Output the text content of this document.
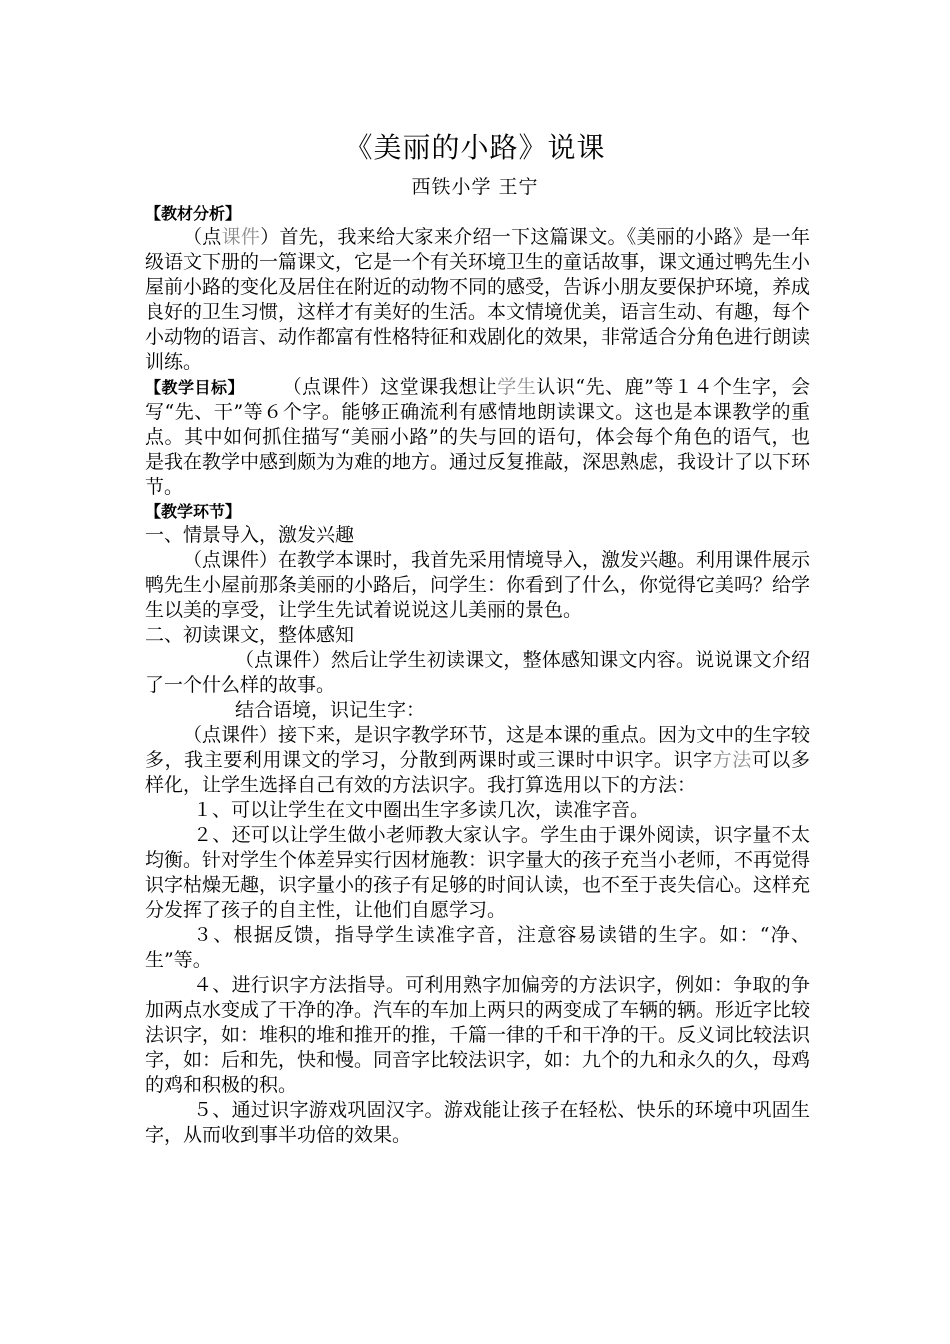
《美丽的小路》说课
西铁小学 王宁
【教材分析】

（点课件）首先，我来给大家来介绍一下这篇课文。《美丽的小路》是一年级语文下册的一篇课文，它是一个有关环境卫生的童话故事，课文通过鸭先生小屋前小路的变化及居住在附近的动物不同的感受，告诉小朋友要保护环境，养成良好的卫生习惯，这样才有美好的生活。本文情境优美，语言生动、有趣，每个小动物的语言、动作都富有性格特征和戏剧化的效果，非常适合分角色进行朗读训练。

【教学目标】 （点课件）这堂课我想让学生认识“先、鹿”等１４个生字，会写“先、干”等６个字。能够正确流利有感情地朗读课文。这也是本课教学的重点。其中如何抓住描写“美丽小路”的失与回的语句，体会每个角色的语气，也是我在教学中感到颇为为难的地方。通过反复推敲，深思熟虑，我设计了以下环节。

【教学环节】

一、情景导入，激发兴趣

（点课件）在教学本课时，我首先采用情境导入，激发兴趣。利用课件展示鸭先生小屋前那条美丽的小路后，问学生：你看到了什么，你觉得它美吗？给学生以美的享受，让学生先试着说说这儿美丽的景色。

二、初读课文，整体感知

（点课件）然后让学生初读课文，整体感知课文内容。说说课文介绍了一个什么样的故事。

结合语境，识记生字：

（点课件）接下来，是识字教学环节，这是本课的重点。因为文中的生字较多，我主要利用课文的学习，分散到两课时或三课时中识字。识字方法可以多样化，让学生选择自己有效的方法识字。我打算选用以下的方法：

１、可以让学生在文中圈出生字多读几次，读准字音。

２、还可以让学生做小老师教大家认字。学生由于课外阅读，识字量不太均衡。针对学生个体差异实行因材施教：识字量大的孩子充当小老师，不再觉得识字枯燥无趣，识字量小的孩子有足够的时间认读，也不至于丧失信心。这样充分发挥了孩子的自主性，让他们自愿学习。

３、根据反馈，指导学生读准字音，注意容易读错的生字。如：“净、生”等。

４、进行识字方法指导。可利用熟字加偏旁的方法识字，例如：争取的争加两点水变成了干净的净。汽车的车加上两只的两变成了车辆的辆。形近字比较法识字，如：堆积的堆和推开的推，千篇一律的千和干净的干。反义词比较法识字，如：后和先，快和慢。同音字比较法识字，如：九个的九和永久的久，母鸡的鸡和积极的积。

５、通过识字游戏巩固汉字。游戏能让孩子在轻松、快乐的环境中巩固生字，从而收到事半功倍的效果。
